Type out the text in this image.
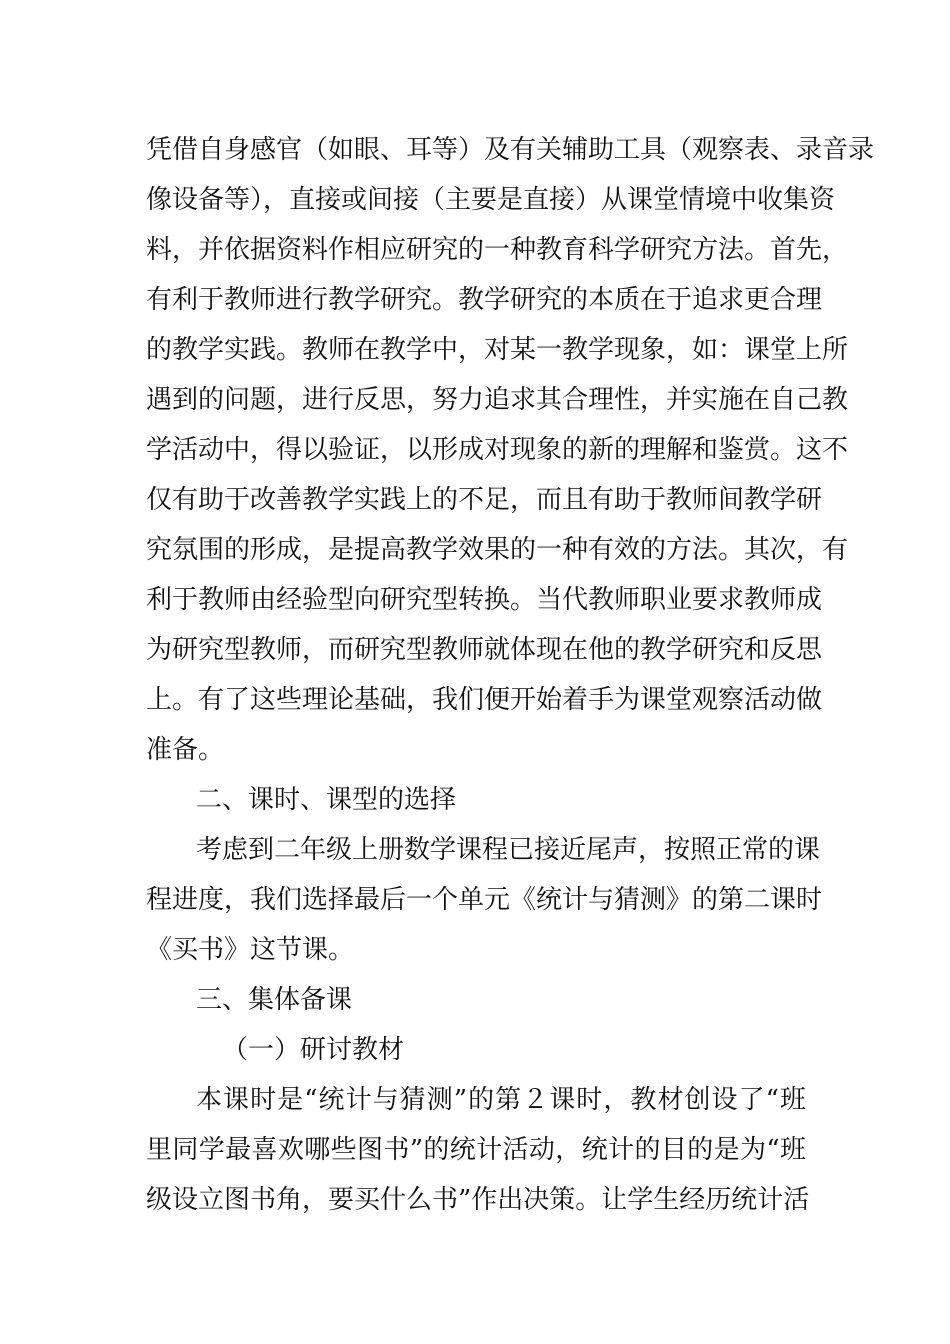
凭借自身感官（如眼、耳等）及有关辅助工具（观察表、录音录
像设备等），直接或间接（主要是直接）从课堂情境中收集资
料，并依据资料作相应研究的一种教育科学研究方法。首先，
有利于教师进行教学研究。教学研究的本质在于追求更合理
的教学实践。教师在教学中，对某一教学现象，如：课堂上所
遇到的问题，进行反思，努力追求其合理性，并实施在自己教
学活动中，得以验证，以形成对现象的新的理解和鉴赏。这不
仅有助于改善教学实践上的不足，而且有助于教师间教学研
究氛围的形成，是提高教学效果的一种有效的方法。其次，有
利于教师由经验型向研究型转换。当代教师职业要求教师成
为研究型教师，而研究型教师就体现在他的教学研究和反思
上。有了这些理论基础，我们便开始着手为课堂观察活动做
准备。
二、课时、课型的选择
考虑到二年级上册数学课程已接近尾声，按照正常的课
程进度，我们选择最后一个单元《统计与猜测》的第二课时
《买书》这节课。
三、集体备课
（一）研讨教材
本课时是“统计与猜测”的第２课时，教材创设了“班
里同学最喜欢哪些图书”的统计活动，统计的目的是为“班
级设立图书角，要买什么书”作出决策。让学生经历统计活
